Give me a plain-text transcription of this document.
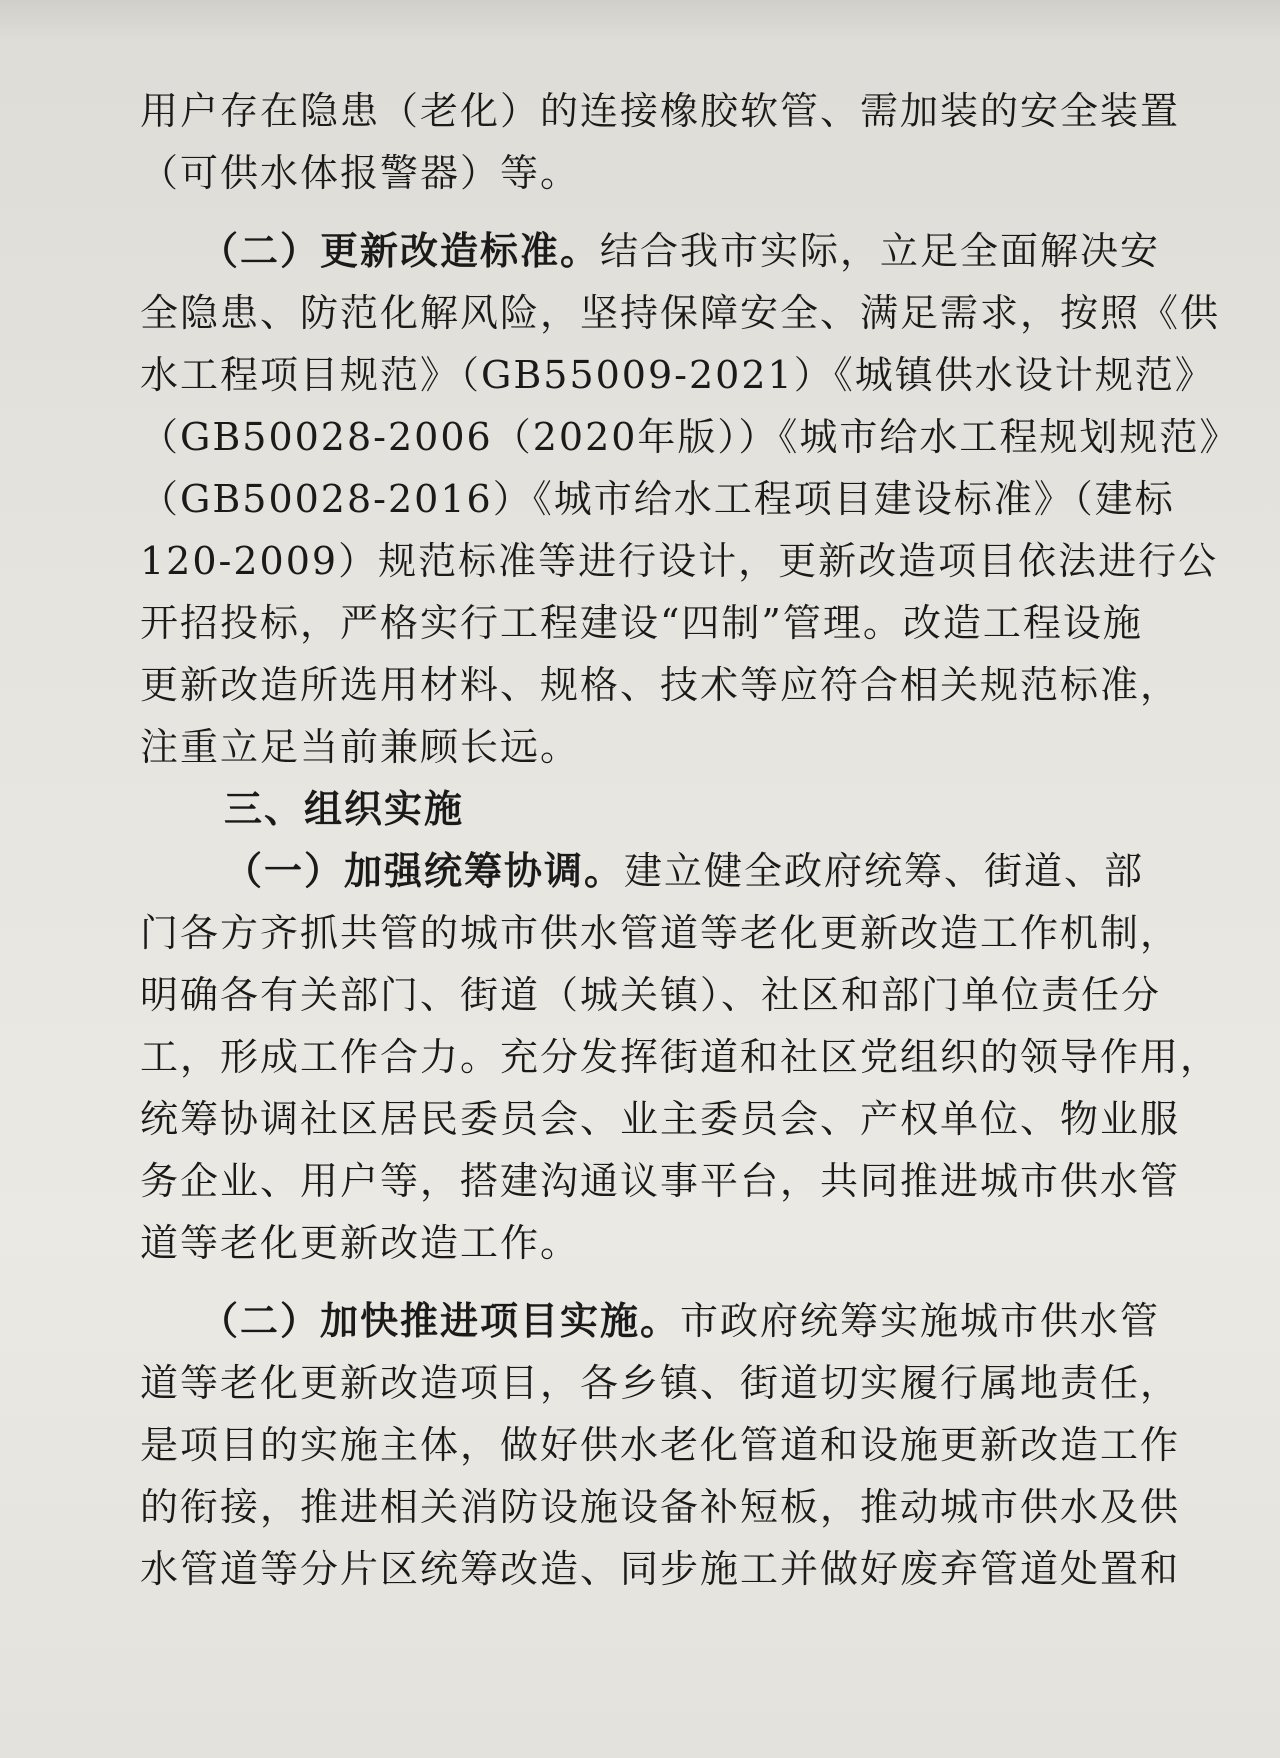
用户存在隐患（老化）的连接橡胶软管、需加装的安全装置
（可供水体报警器）等。
（二）更新改造标准。结合我市实际，立足全面解决安
全隐患、防范化解风险，坚持保障安全、满足需求，按照《供
水工程项目规范》（GB55009-2021）《城镇供水设计规范》
（GB50028-2006（2020年版））《城市给水工程规划规范》
（GB50028-2016）《城市给水工程项目建设标准》（建标
120-2009）规范标准等进行设计，更新改造项目依法进行公
开招投标，严格实行工程建设“四制”管理。改造工程设施
更新改造所选用材料、规格、技术等应符合相关规范标准，
注重立足当前兼顾长远。
三、组织实施
（一）加强统筹协调。建立健全政府统筹、街道、部
门各方齐抓共管的城市供水管道等老化更新改造工作机制，
明确各有关部门、街道（城关镇）、社区和部门单位责任分
工，形成工作合力。充分发挥街道和社区党组织的领导作用，
统筹协调社区居民委员会、业主委员会、产权单位、物业服
务企业、用户等，搭建沟通议事平台，共同推进城市供水管
道等老化更新改造工作。
（二）加快推进项目实施。市政府统筹实施城市供水管
道等老化更新改造项目，各乡镇、街道切实履行属地责任，
是项目的实施主体，做好供水老化管道和设施更新改造工作
的衔接，推进相关消防设施设备补短板，推动城市供水及供
水管道等分片区统筹改造、同步施工并做好废弃管道处置和
